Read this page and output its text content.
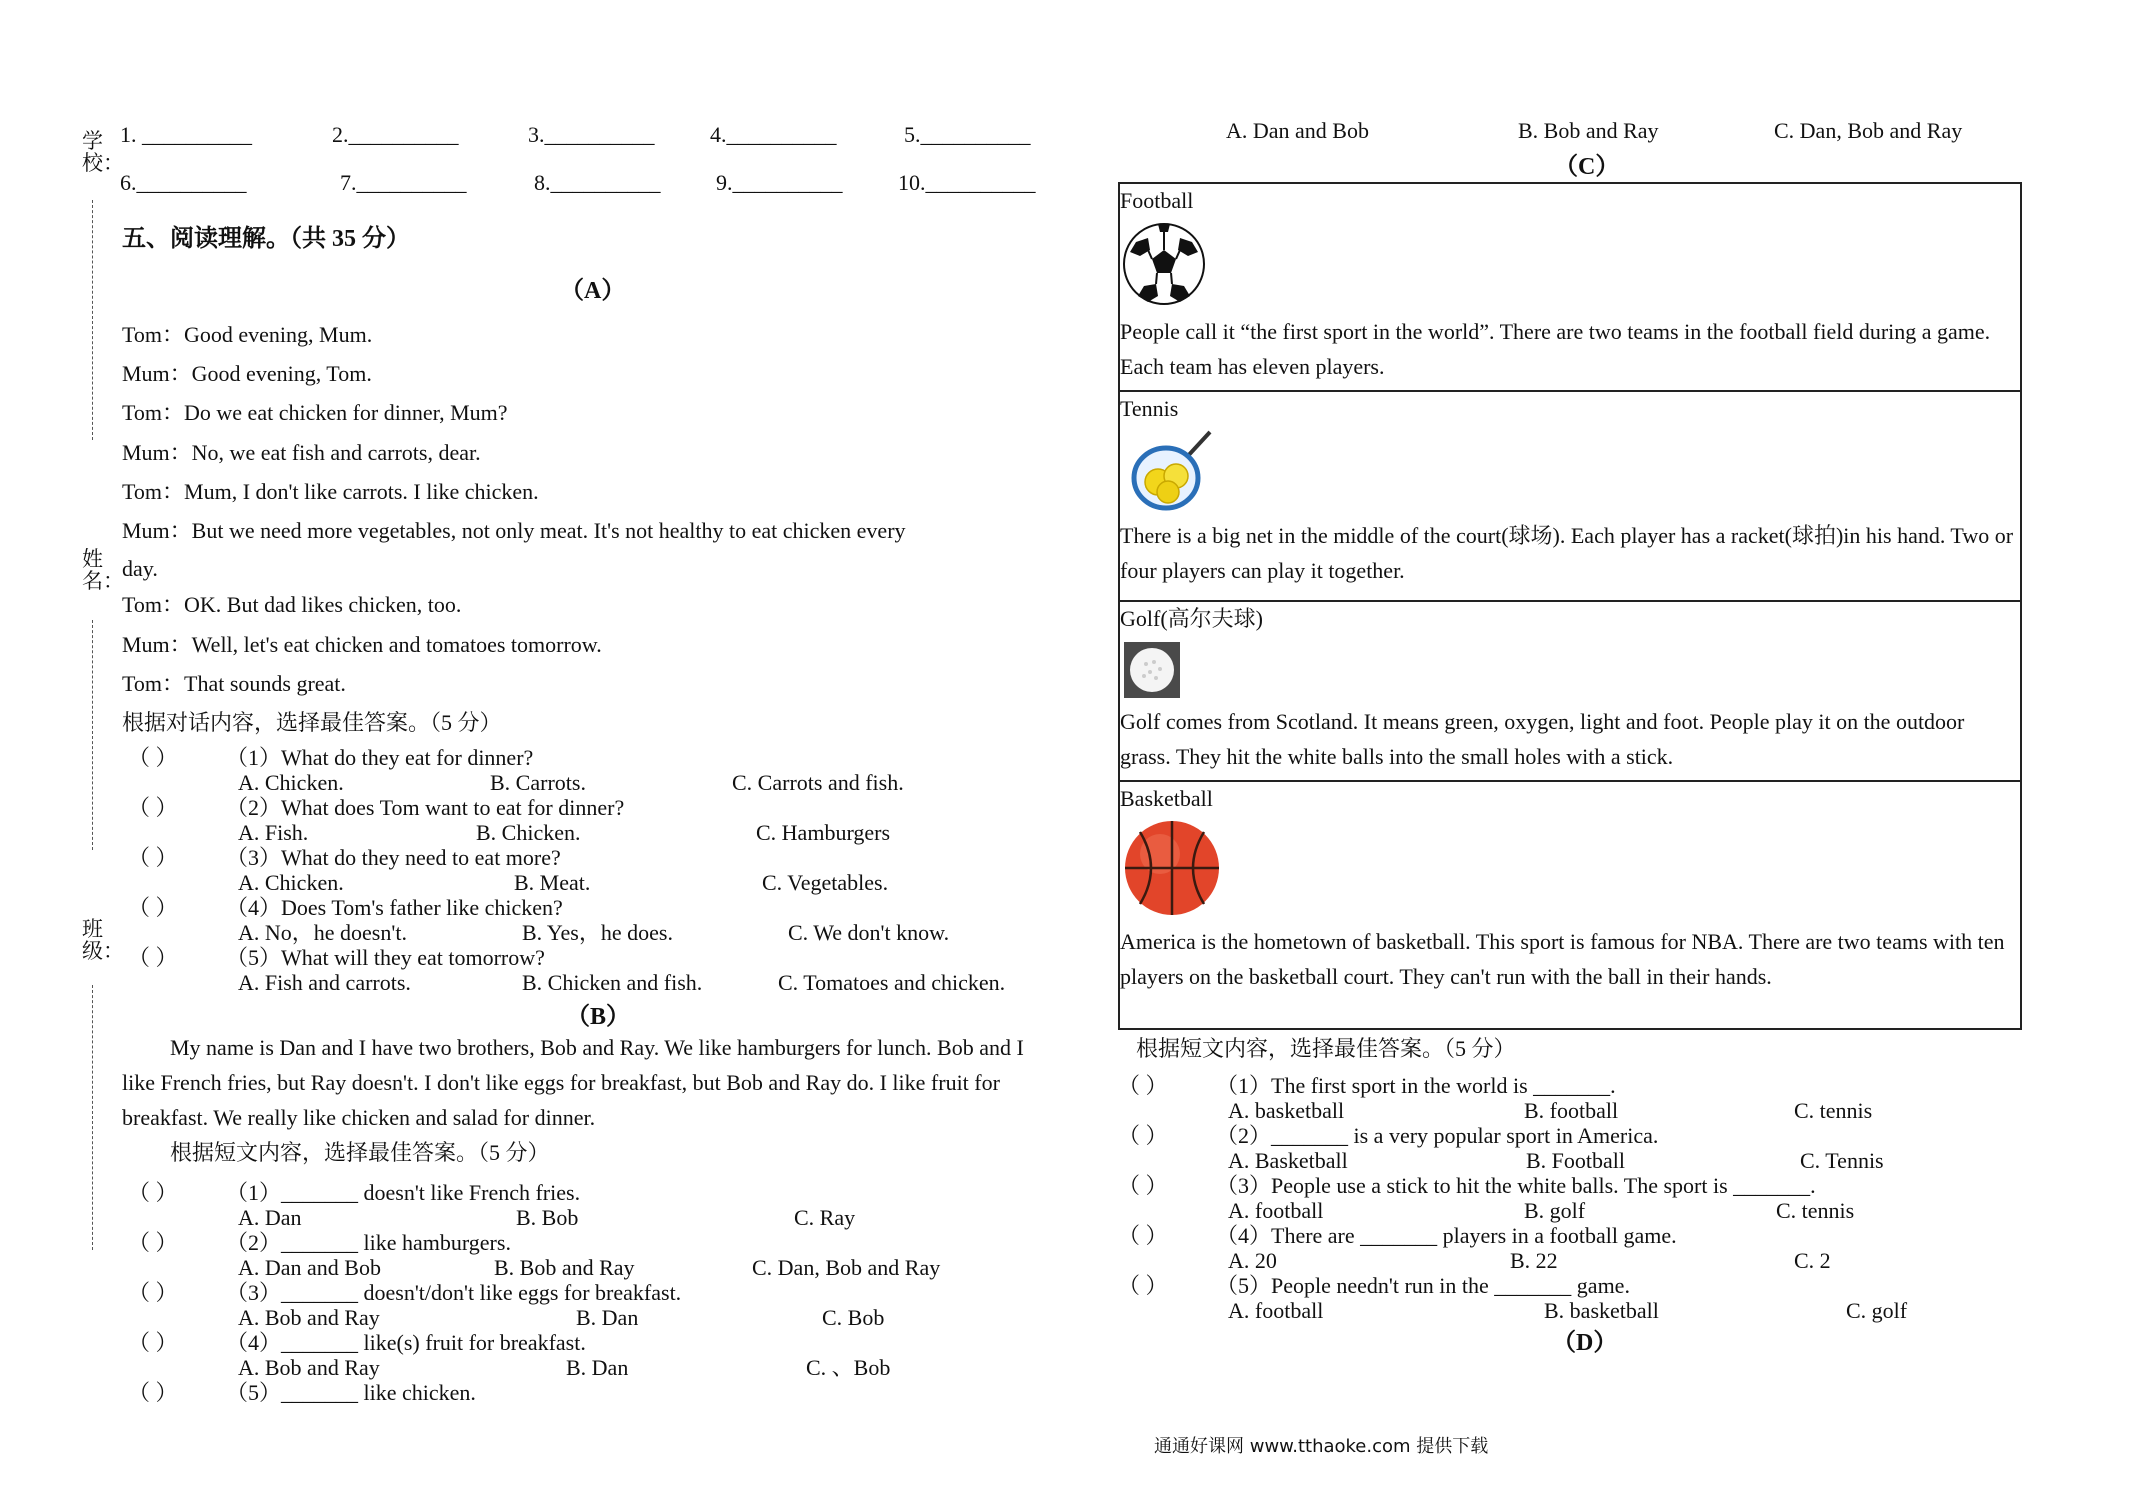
学校：
姓名：
班级：
1. __________	2.__________	3.__________	4.__________	5.__________
6.__________	7.__________	8.__________	9.__________	10.__________
五、阅读理解。（共 35 分）
（A）
Tom：Good evening, Mum.
Mum：Good evening, Tom.
Tom：Do we eat chicken for dinner, Mum?
Mum：No, we eat fish and carrots, dear.
Tom：Mum, I don't like carrots. I like chicken.
Mum：But we need more vegetables, not only meat. It's not healthy to eat chicken every
day.
Tom：OK. But dad likes chicken, too.
Mum：Well, let's eat chicken and tomatoes tomorrow.
Tom：That sounds great.
根据对话内容，选择最佳答案。（5 分）
（ ） （1）What do they eat for dinner?
A. Chicken.	B. Carrots.	C. Carrots and fish.
（ ） （2）What does Tom want to eat for dinner?
A. Fish.	B. Chicken.	C. Hamburgers
（ ） （3）What do they need to eat more?
A. Chicken.	B. Meat.	C. Vegetables.
（ ） （4）Does Tom's father like chicken?
A. No，he doesn't.	B. Yes，he does.	C. We don't know.
（ ） （5）What will they eat tomorrow?
A. Fish and carrots.	B. Chicken and fish.	C. Tomatoes and chicken.
（B）
My name is Dan and I have two brothers, Bob and Ray. We like hamburgers for lunch. Bob and I like French fries, but Ray doesn't. I don't like eggs for breakfast, but Bob and Ray do. I like fruit for breakfast. We really like chicken and salad for dinner.
根据短文内容，选择最佳答案。（5 分）
（ ） （1）_______ doesn't like French fries.
A. Dan	B. Bob	C. Ray
（ ） （2）_______ like hamburgers.
A. Dan and Bob	B. Bob and Ray	C. Dan, Bob and Ray
（ ） （3）_______ doesn't/don't like eggs for breakfast.
A. Bob and Ray	B. Dan	C. Bob
（ ） （4）_______ like(s) fruit for breakfast.
A. Bob and Ray	B. Dan	C. 、Bob
（ ） （5）_______ like chicken.
A. Dan and Bob	B. Bob and Ray	C. Dan, Bob and Ray
（C）
Football
People call it “the first sport in the world”. There are two teams in the football field during a game. Each team has eleven players.
Tennis
There is a big net in the middle of the court(球场). Each player has a racket(球拍)in his hand. Two or four players can play it together.
Golf(高尔夫球)
Golf comes from Scotland. It means green, oxygen, light and foot. People play it on the outdoor grass. They hit the white balls into the small holes with a stick.
Basketball
America is the hometown of basketball. This sport is famous for NBA. There are two teams with ten players on the basketball court. They can't run with the ball in their hands.
根据短文内容，选择最佳答案。（5 分）
（ ） （1）The first sport in the world is _______.
A. basketball	B. football	C. tennis
（ ） （2）_______ is a very popular sport in America.
A. Basketball	B. Football	C. Tennis
（ ） （3）People use a stick to hit the white balls. The sport is _______.
A. football	B. golf	C. tennis
（ ） （4）There are _______ players in a football game.
A. 20	B. 22	C. 2
（ ） （5）People needn't run in the _______ game.
A. football	B. basketball	C. golf
（D）
通通好课网 www.tthaoke.com 提供下载
